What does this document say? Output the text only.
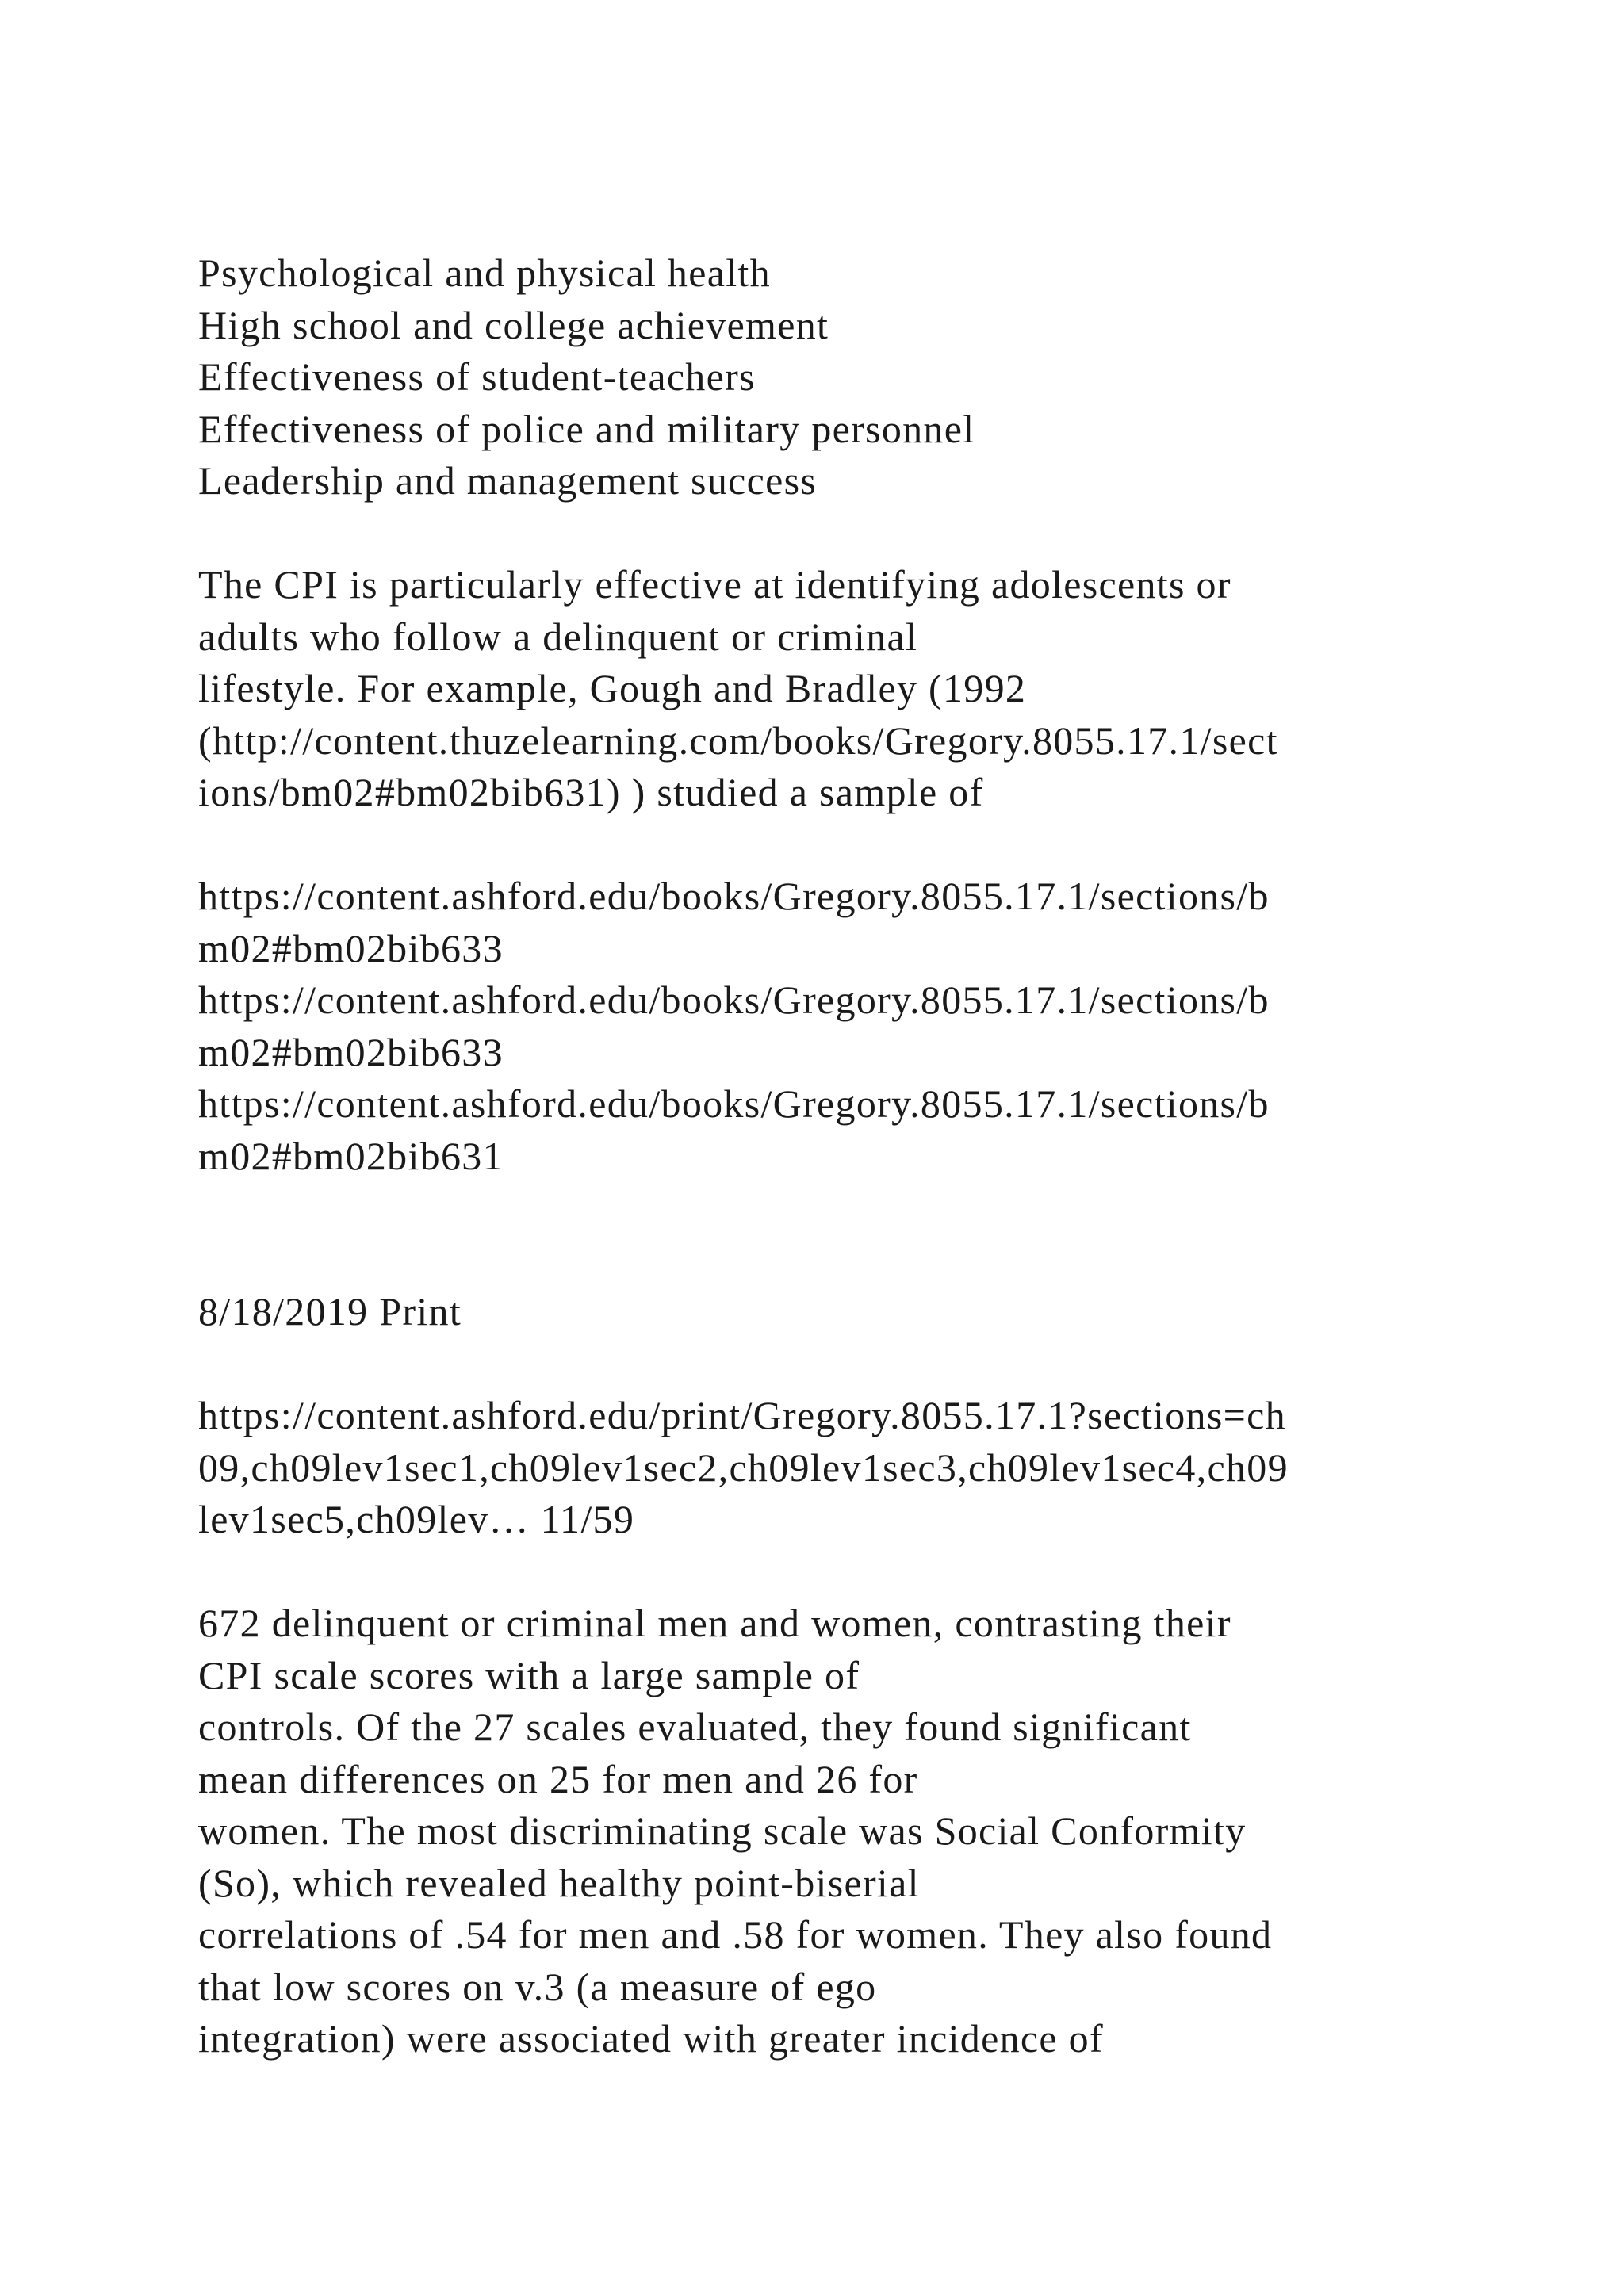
Psychological and physical health
High school and college achievement
Effectiveness of student-teachers
Effectiveness of police and military personnel
Leadership and management success
The CPI is particularly effective at identifying adolescents or
adults who follow a delinquent or criminal
lifestyle. For example, Gough and Bradley (1992
(http://content.thuzelearning.com/books/Gregory.8055.17.1/sect
ions/bm02#bm02bib631) ) studied a sample of
https://content.ashford.edu/books/Gregory.8055.17.1/sections/b
m02#bm02bib633
https://content.ashford.edu/books/Gregory.8055.17.1/sections/b
m02#bm02bib633
https://content.ashford.edu/books/Gregory.8055.17.1/sections/b
m02#bm02bib631
8/18/2019 Print
https://content.ashford.edu/print/Gregory.8055.17.1?sections=ch
09,ch09lev1sec1,ch09lev1sec2,ch09lev1sec3,ch09lev1sec4,ch09
lev1sec5,ch09lev… 11/59
672 delinquent or criminal men and women, contrasting their
CPI scale scores with a large sample of
controls. Of the 27 scales evaluated, they found significant
mean differences on 25 for men and 26 for
women. The most discriminating scale was Social Conformity
(So), which revealed healthy point-biserial
correlations of .54 for men and .58 for women. They also found
that low scores on v.3 (a measure of ego
integration) were associated with greater incidence of
